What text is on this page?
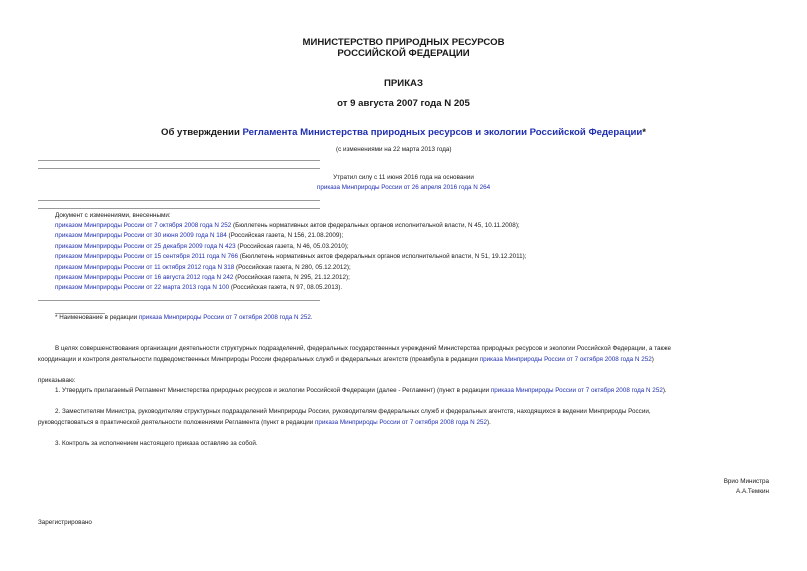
МИНИСТЕРСТВО ПРИРОДНЫХ РЕСУРСОВ
РОССИЙСКОЙ ФЕДЕРАЦИИ
ПРИКАЗ
от 9 августа 2007 года N 205
Об утверждении Регламента Министерства природных ресурсов и экологии Российской Федерации*
(с изменениями на 22 марта 2013 года)
Утратил силу с 11 июня 2016 года на основании
приказа Минприроды России от 26 апреля 2016 года N 264
Документ с изменениями, внесенными:
приказом Минприроды России от 7 октября 2008 года N 252 (Бюллетень нормативных актов федеральных органов исполнительной власти, N 45, 10.11.2008);
приказом Минприроды России от 30 июня 2009 года N 184 (Российская газета, N 156, 21.08.2009);
приказом Минприроды России от 25 декабря 2009 года N 423 (Российская газета, N 46, 05.03.2010);
приказом Минприроды России от 15 сентября 2011 года N 766 (Бюллетень нормативных актов федеральных органов исполнительной власти, N 51, 19.12.2011);
приказом Минприроды России от 11 октября 2012 года N 318 (Российская газета, N 280, 05.12.2012);
приказом Минприроды России от 16 августа 2012 года N 242 (Российская газета, N 295, 21.12.2012);
приказом Минприроды России от 22 марта 2013 года N 100 (Российская газета, N 97, 08.05.2013).
* Наименование в редакции приказа Минприроды России от 7 октября 2008 года N 252.
В целях совершенствования организации деятельности структурных подразделений, федеральных государственных учреждений Министерства природных ресурсов и экологии Российской Федерации, а также
координации и контроля деятельности подведомственных Минприроды России федеральных служб и федеральных агентств (преамбула в редакции приказа Минприроды России от 7 октября 2008 года N 252)
приказываю:
1. Утвердить прилагаемый Регламент Министерства природных ресурсов и экологии Российской Федерации (далее - Регламент) (пункт в редакции приказа Минприроды России от 7 октября 2008 года N 252).
2. Заместителям Министра, руководителям структурных подразделений Минприроды России, руководителям федеральных служб и федеральных агентств, находящихся в ведении Минприроды России,
руководствоваться в практической деятельности положениями Регламента (пункт в редакции приказа Минприроды России от 7 октября 2008 года N 252).
3. Контроль за исполнением настоящего приказа оставляю за собой.
Врио Министра
А.А.Темкин
Зарегистрировано
